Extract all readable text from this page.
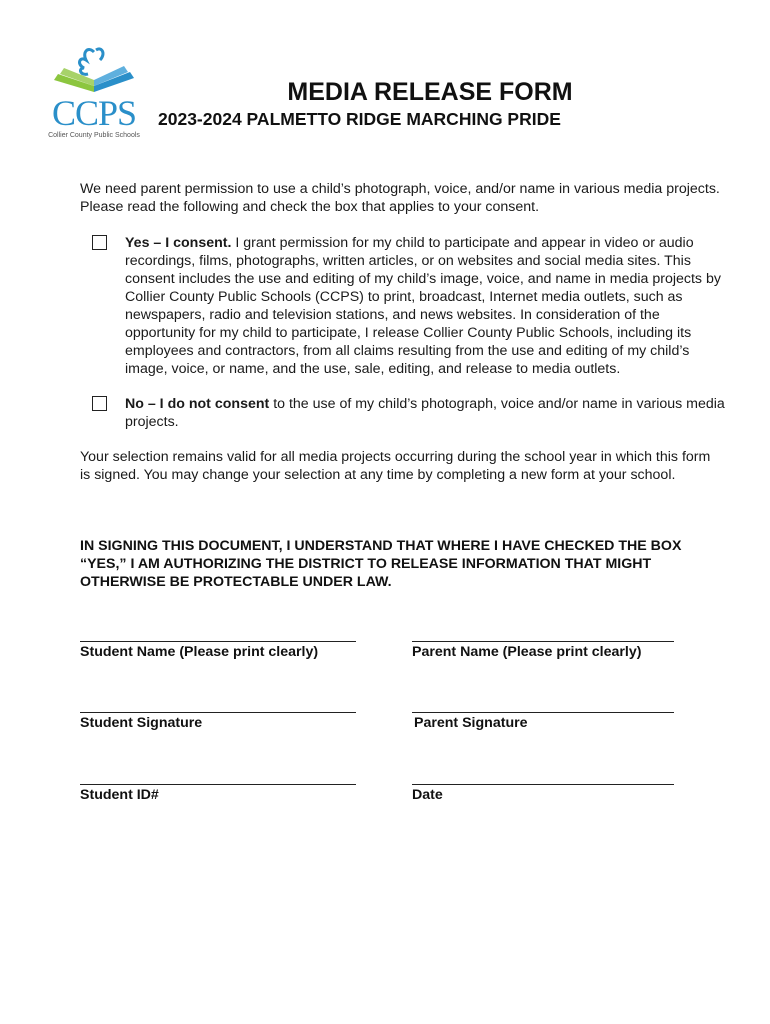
CCPS
Collier County Public Schools
MEDIA RELEASE FORM
2023-2024 PALMETTO RIDGE MARCHING PRIDE
We need parent permission to use a child’s photograph, voice, and/or name in various media projects. Please read the following and check the box that applies to your consent.
Yes – I consent. I grant permission for my child to participate and appear in video or audio recordings, films, photographs, written articles, or on websites and social media sites. This consent includes the use and editing of my child’s image, voice, and name in media projects by Collier County Public Schools (CCPS) to print, broadcast, Internet media outlets, such as newspapers, radio and television stations, and news websites. In consideration of the opportunity for my child to participate, I release Collier County Public Schools, including its employees and contractors, from all claims resulting from the use and editing of my child’s image, voice, or name, and the use, sale, editing, and release to media outlets.
No – I do not consent to the use of my child’s photograph, voice and/or name in various media projects.
Your selection remains valid for all media projects occurring during the school year in which this form is signed. You may change your selection at any time by completing a new form at your school.
IN SIGNING THIS DOCUMENT, I UNDERSTAND THAT WHERE I HAVE CHECKED THE BOX “YES,” I AM AUTHORIZING THE DISTRICT TO RELEASE INFORMATION THAT MIGHT OTHERWISE BE PROTECTABLE UNDER LAW.
Student Name (Please print clearly)	Parent Name (Please print clearly)
Student Signature	Parent Signature
Student ID#	Date
